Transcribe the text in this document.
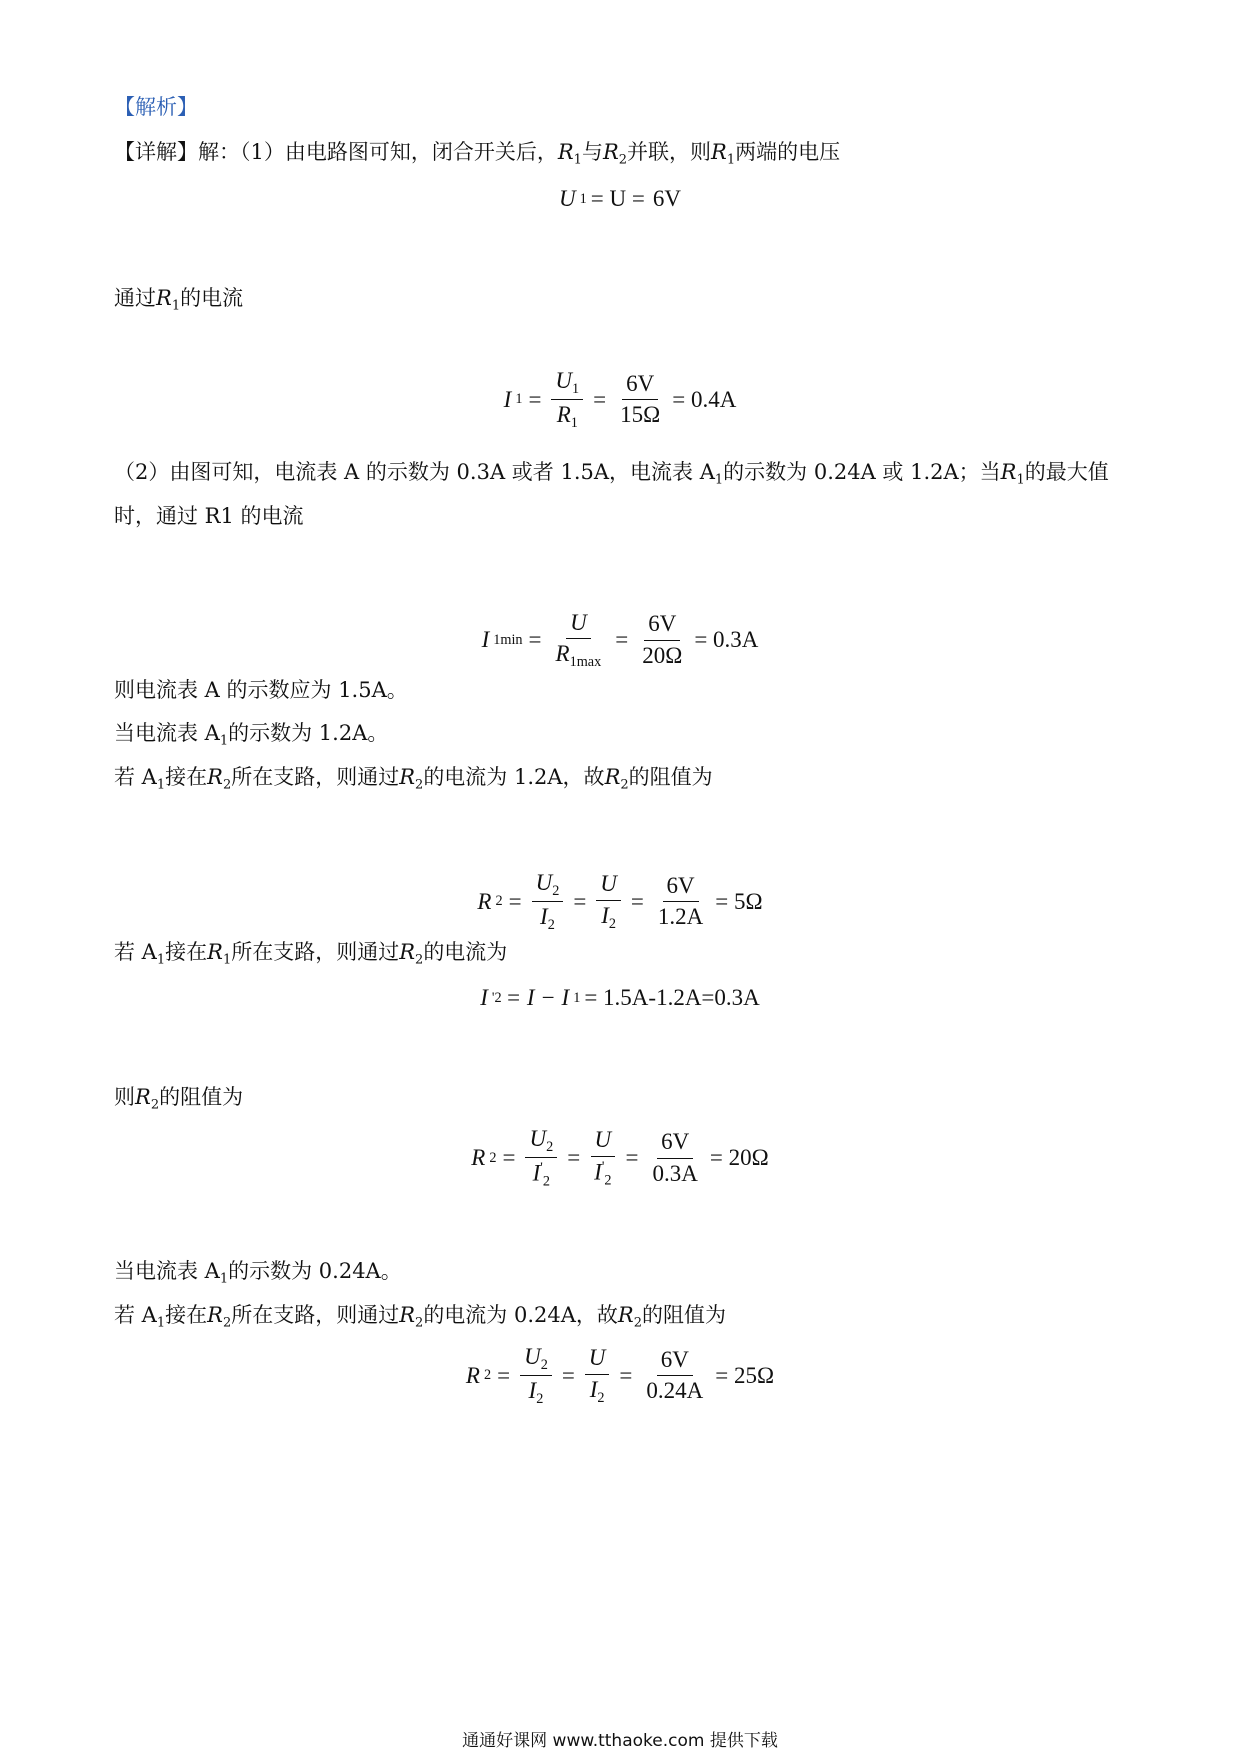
【解析】
【详解】解：（1）由电路图可知，闭合开关后，$R_1$与$R_2$并联，则$R_1$两端的电压
U 1 = U = 6V
通过$R_1$的电流
I $1 = \frac{U_1}{R_1} = \frac{6V}{15\Omega} = 0.4A$
（2）由图可知，电流表 A 的示数为 0.3A 或者 1.5A，电流表 $A_1$的示数为 0.24A 或 1.2A；当$R_1$的最大值
时，通过 R1 的电流
I $1\min = \frac{U}{R_{1max}} = \frac{6V}{20\Omega} = 0.3A$
则电流表 A 的示数应为 1.5A。
当电流表 $A_1$的示数为 1.2A。
若 $A_1$接在$R_2$所在支路，则通过$R_2$的电流为 1.2A，故$R_2$的阻值为
R $2 = \frac{U_2}{I_2} = \frac{U}{I_2} = \frac{6V}{1.2A} = 5\Omega$
若 $A_1$接在$R_1$所在支路，则通过$R_2$的电流为
I ' 2 = I − I 1 = 1.5A-1.2A=0.3A
则$R_2$的阻值为
R $2 = \frac{U_2}{I'_2} = \frac{U}{I'_2} = \frac{6V}{0.3A} = 20\Omega$
当电流表 $A_1$的示数为 0.24A。
若 $A_1$接在$R_2$所在支路，则通过$R_2$的电流为 0.24A，故$R_2$的阻值为
R $2 = \frac{U_2}{I_2} = \frac{U}{I_2} = \frac{6V}{0.24A} = 25\Omega$
通通好课网 www.tthaoke.com 提供下载
